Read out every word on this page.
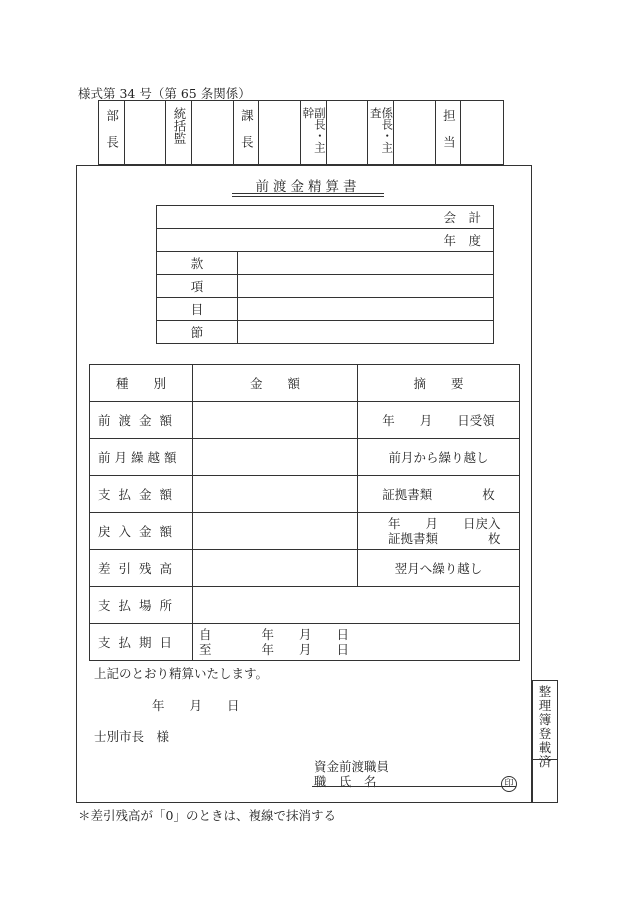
様式第 34 号（第 65 条関係）
部長	統括監	課長	副長・主幹	係長・主査	担当
前渡金精算書
会　計	
年　度	
款	
項	
目	
節	
種　　別	金　　額	摘　　要
前渡金額		年　　月　　日受領
前月繰越額		前月から繰り越し
支払金額		証拠書類　　　　枚
戻入金額		年　　月　　日戻入
証拠書類　　　　枚

差引残高		翌月へ繰り越し
支払場所		
支払期日	自　　　　年　　月　　日
至　　　　年　　月　　日	
上記のとおり精算いたします。
年　　月　　日
士別市長　様
資金前渡職員
職　氏　名	印
整理簿登載済
＊差引残高が「0」のときは、複線で抹消する
